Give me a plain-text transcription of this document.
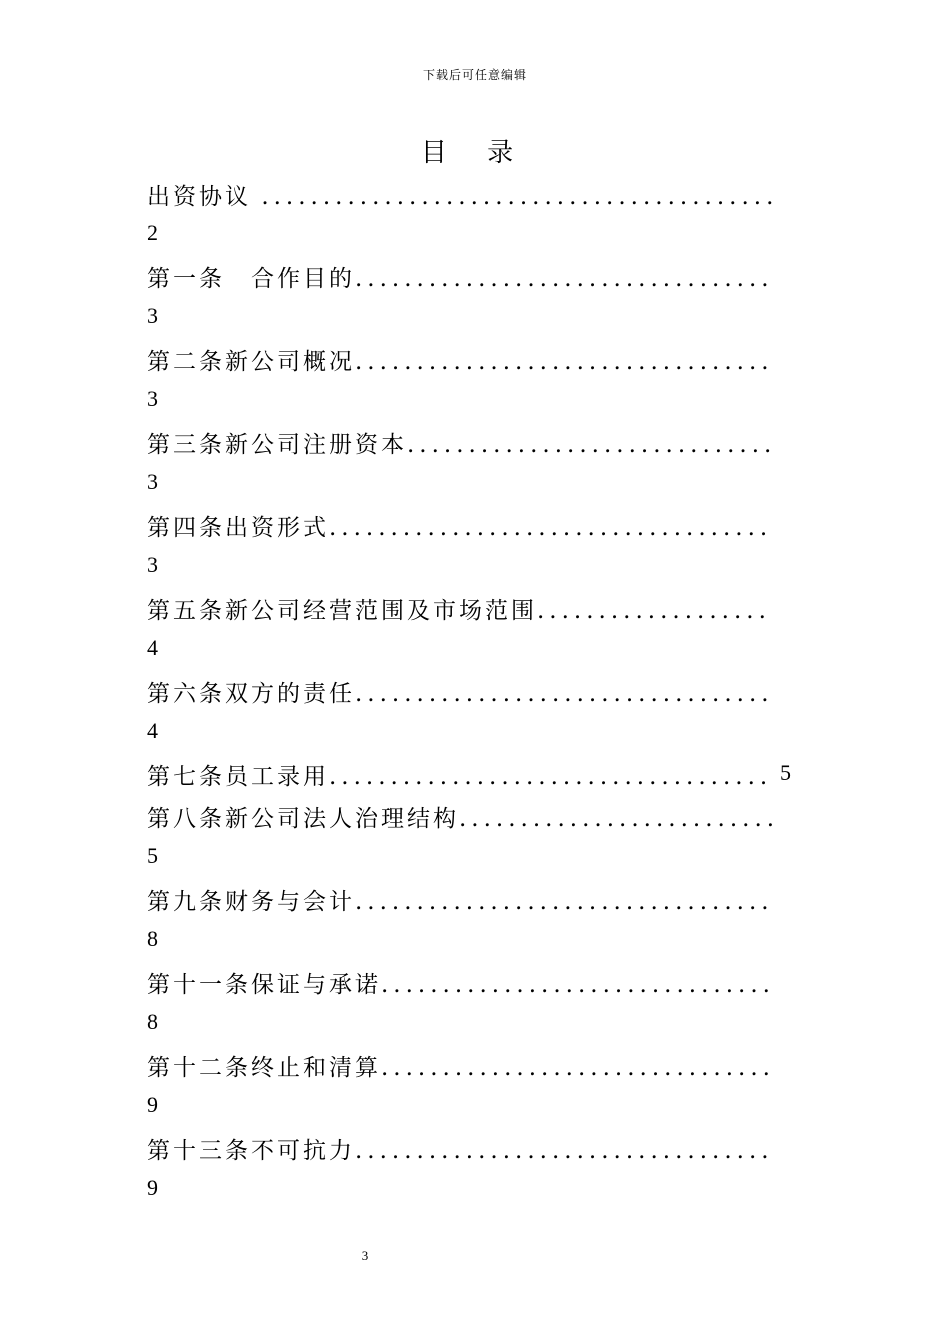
下载后可任意编辑
目 录
出资协议 ..........................................
2
第一条　合作目的..................................
3
第二条新公司概况..................................
3
第三条新公司注册资本..............................
3
第四条出资形式....................................
3
第五条新公司经营范围及市场范围...................
4
第六条双方的责任..................................
4
第七条员工录用.................................... 5
第八条新公司法人治理结构..........................
5
第九条财务与会计..................................
8
第十一条保证与承诺................................
8
第十二条终止和清算................................
9
第十三条不可抗力..................................
9
3
